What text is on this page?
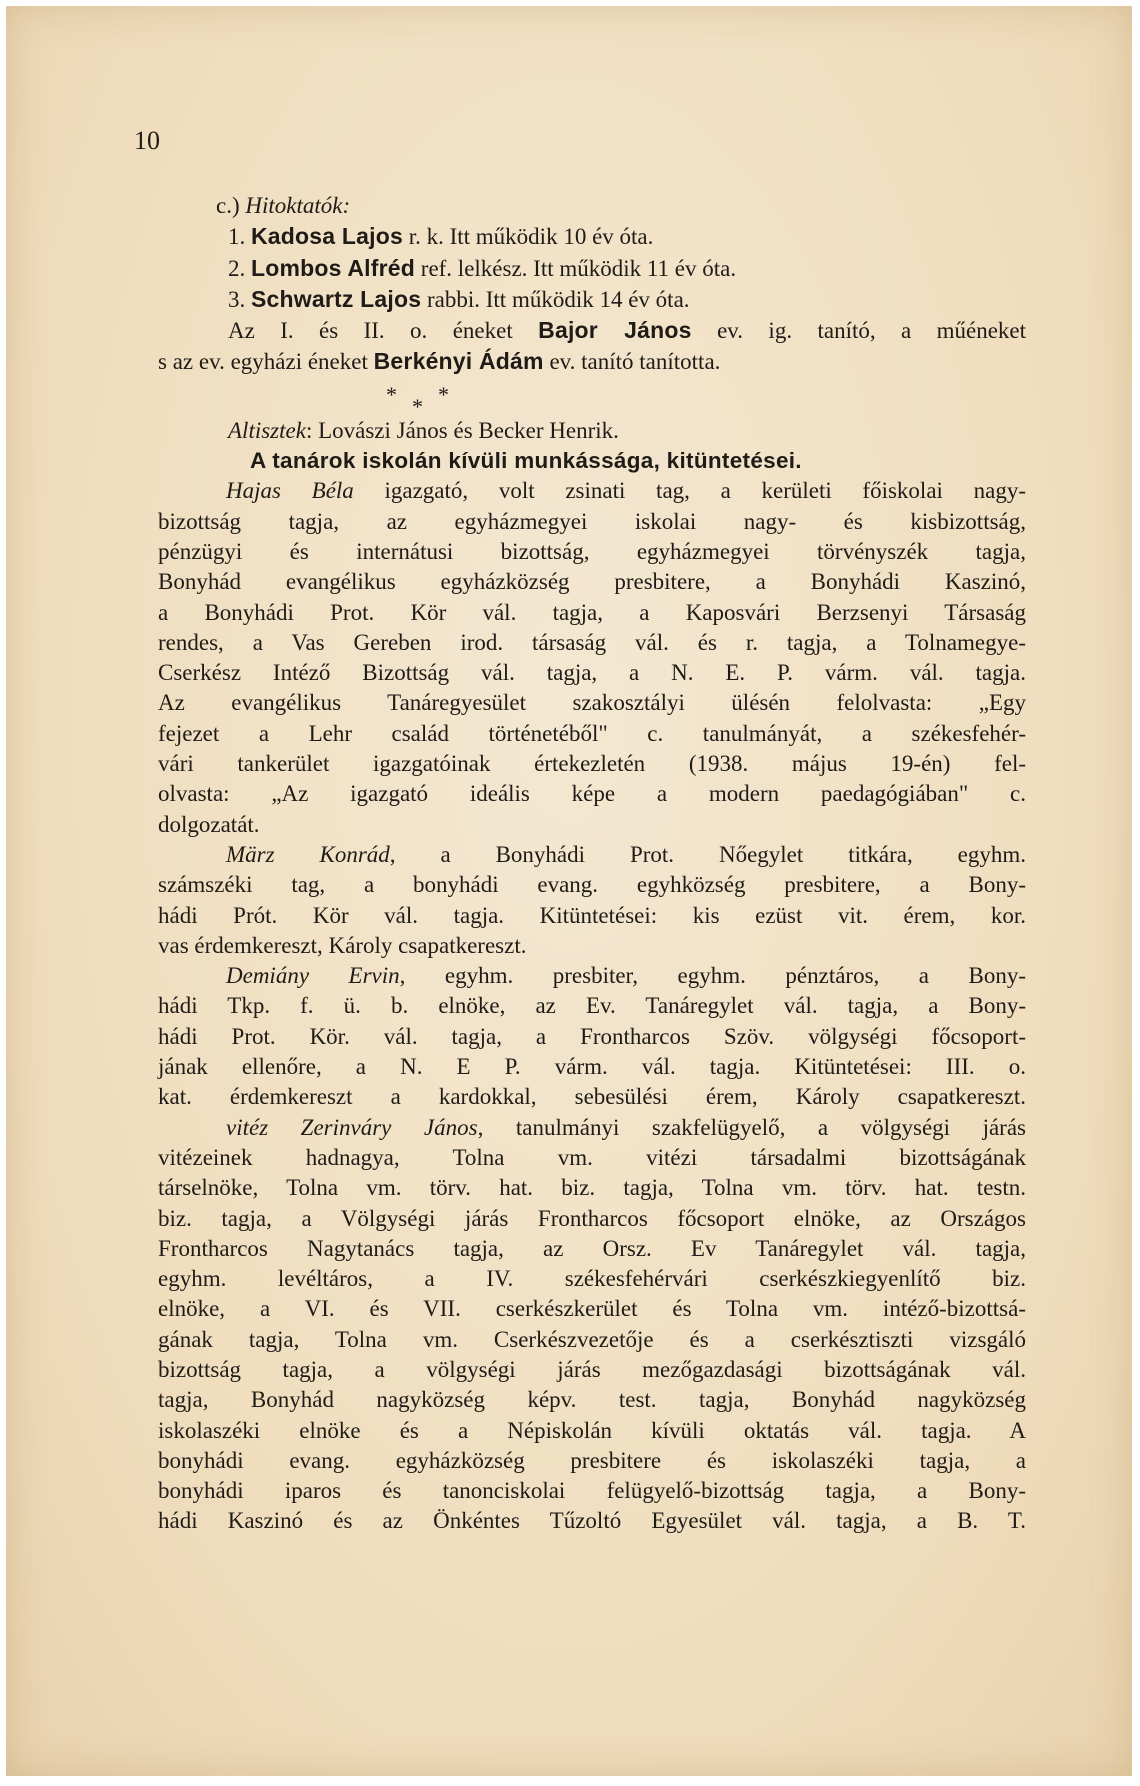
10

c.) Hitoktatók:

1. Kadosa Lajos r. k. Itt működik 10 év óta.

2. Lombos Alfréd ref. lelkész. Itt működik 11 év óta.

3. Schwartz Lajos rabbi. Itt működik 14 év óta.

Az I. és II. o. éneket Bajor János ev. ig. tanító, a műéneket

s az ev. egyházi éneket Berkényi Ádám ev. tanító tanította.

* * *

Altisztek: Lovászi János és Becker Henrik.

A tanárok iskolán kívüli munkássága, kitüntetései.

Hajas Béla igazgató, volt zsinati tag, a kerületi főiskolai nagy-
bizottság tagja, az egyházmegyei iskolai nagy- és kisbizottság,
pénzügyi és internátusi bizottság, egyházmegyei törvényszék tagja,
Bonyhád evangélikus egyházközség presbitere, a Bonyhádi Kaszinó,
a Bonyhádi Prot. Kör vál. tagja, a Kaposvári Berzsenyi Társaság
rendes, a Vas Gereben irod. társaság vál. és r. tagja, a Tolnamegye-
Cserkész Intéző Bizottság vál. tagja, a N. E. P. várm. vál. tagja.
Az evangélikus Tanáregyesület szakosztályi ülésén felolvasta: „Egy
fejezet a Lehr család történetéből" c. tanulmányát, a székesfehér-
vári tankerület igazgatóinak értekezletén (1938. május 19-én) fel-
olvasta: „Az igazgató ideális képe a modern paedagógiában" c.
dolgozatát.
März Konrád, a Bonyhádi Prot. Nőegylet titkára, egyhm.
számszéki tag, a bonyhádi evang. egyhközség presbitere, a Bony-
hádi Prót. Kör vál. tagja. Kitüntetései: kis ezüst vit. érem, kor.
vas érdemkereszt, Károly csapatkereszt.
Demiány Ervin, egyhm. presbiter, egyhm. pénztáros, a Bony-
hádi Tkp. f. ü. b. elnöke, az Ev. Tanáregylet vál. tagja, a Bony-
hádi Prot. Kör. vál. tagja, a Frontharcos Szöv. völgységi főcsoport-
jának ellenőre, a N. E P. várm. vál. tagja. Kitüntetései: III. o.
kat. érdemkereszt a kardokkal, sebesülési érem, Károly csapatkereszt.
vitéz Zerinváry János, tanulmányi szakfelügyelő, a völgységi járás
vitézeinek hadnagya, Tolna vm. vitézi társadalmi bizottságának
társelnöke, Tolna vm. törv. hat. biz. tagja, Tolna vm. törv. hat. testn.
biz. tagja, a Völgységi járás Frontharcos főcsoport elnöke, az Országos
Frontharcos Nagytanács tagja, az Orsz. Ev Tanáregylet vál. tagja,
egyhm. levéltáros, a IV. székesfehérvári cserkészkiegyenlítő biz.
elnöke, a VI. és VII. cserkészkerület és Tolna vm. intéző-bizottsá-
gának tagja, Tolna vm. Cserkészvezetője és a cserkésztiszti vizsgáló
bizottság tagja, a völgységi járás mezőgazdasági bizottságának vál.
tagja, Bonyhád nagyközség képv. test. tagja, Bonyhád nagyközség
iskolaszéki elnöke és a Népiskolán kívüli oktatás vál. tagja. A
bonyhádi evang. egyházközség presbitere és iskolaszéki tagja, a
bonyhádi iparos és tanonciskolai felügyelő-bizottság tagja, a Bony-
hádi Kaszinó és az Önkéntes Tűzoltó Egyesület vál. tagja, a B. T.
